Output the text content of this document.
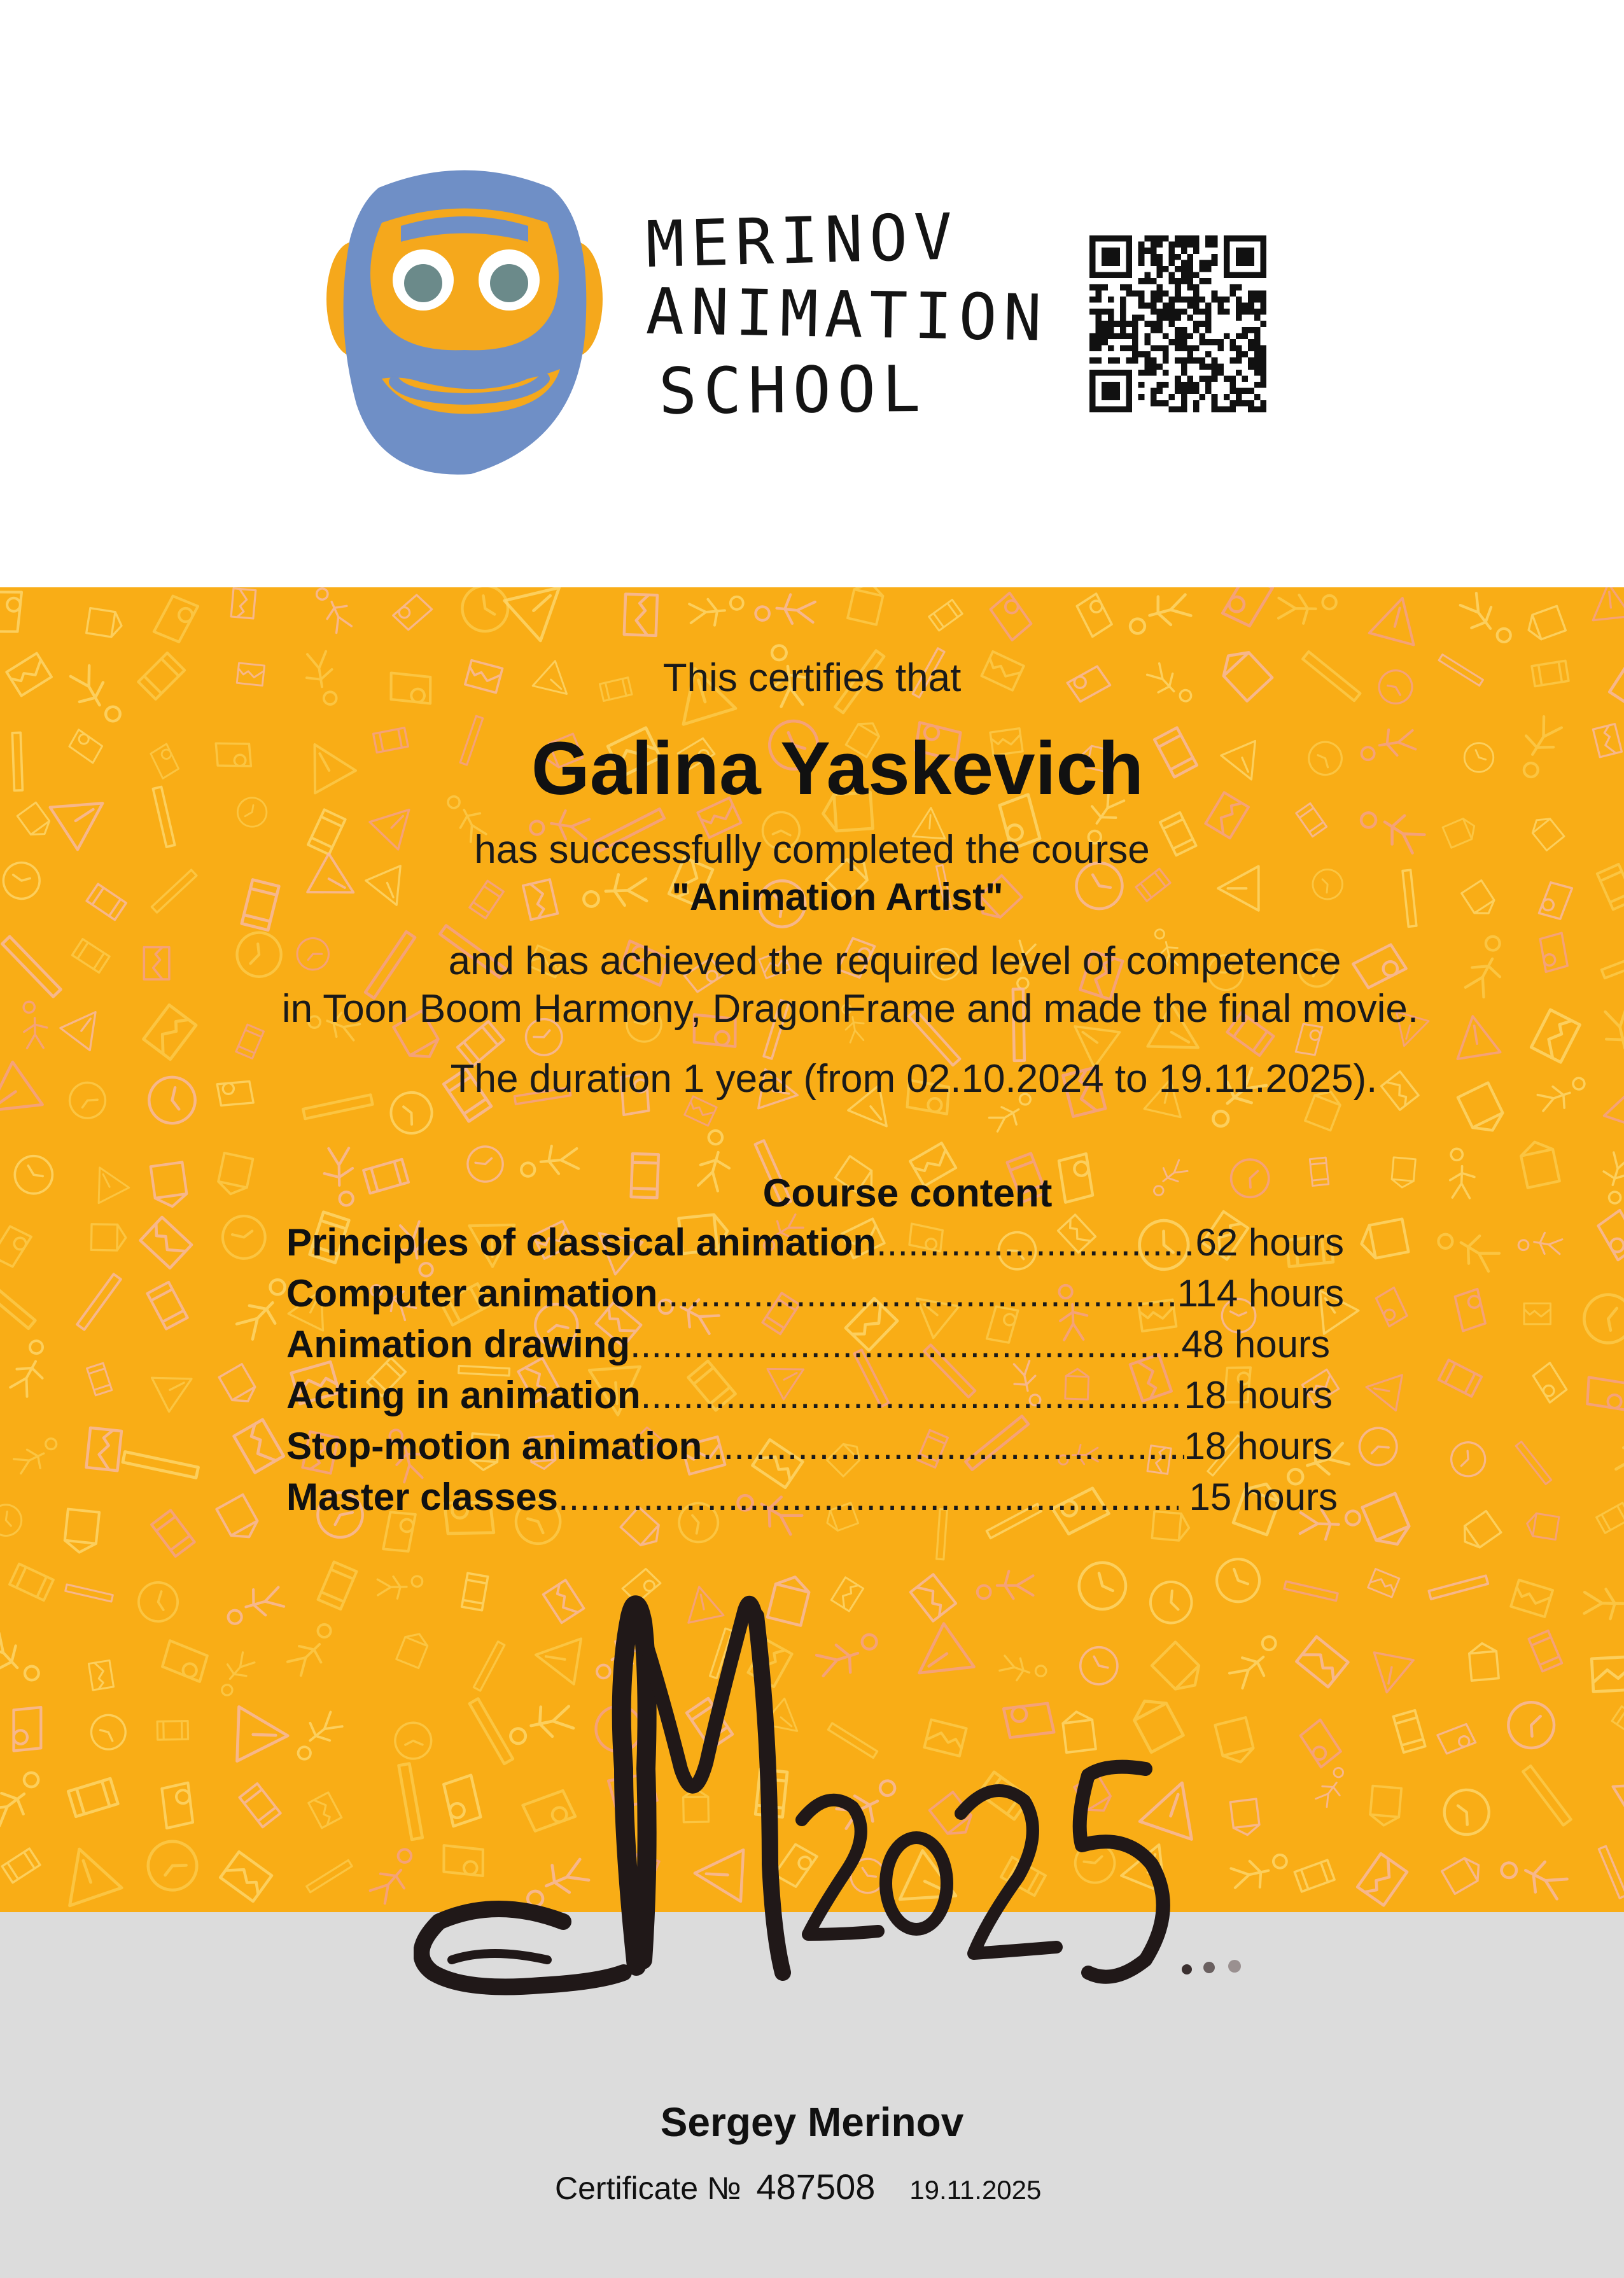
MERINOV
ANIMATION
SCHOOL
This certifies that
Galina Yaskevich
has successfully completed the course
"Animation Artist"
and has achieved the required level of competence
in Toon Boom Harmony, DragonFrame and made the final movie.
The duration 1 year (from 02.10.2024 to 19.11.2025).
Course content
Principles of classical animation .....	62 hours
Computer animation .....	114 hours
Animation drawing .....	48 hours
Acting in animation .....	18 hours
Stop-motion animation .....	18 hours
Master classes .....	15 hours
Sergey Merinov
Certificate № 487508 19.11.2025
